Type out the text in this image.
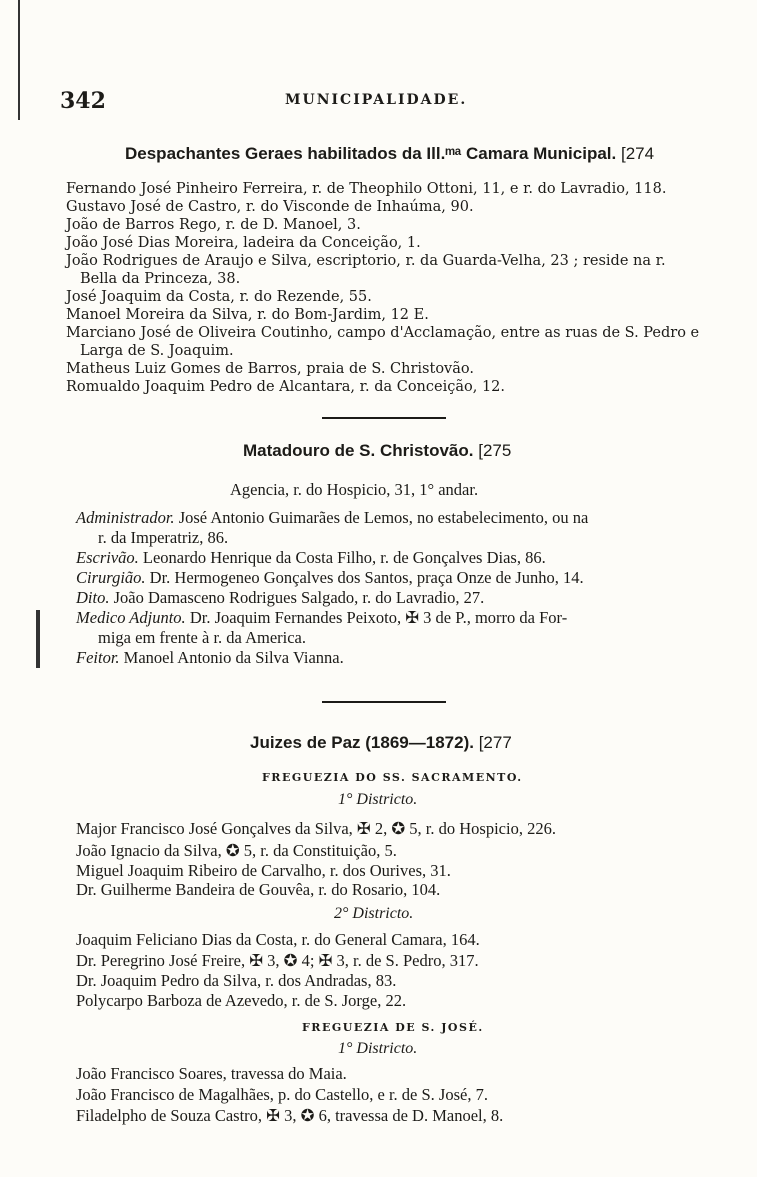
342	MUNICIPALIDADE.
Despachantes Geraes habilitados da Ill.ᵐᵃ Camara Municipal. [274
Fernando José Pinheiro Ferreira, r. de Theophilo Ottoni, 11, e r. do Lavradio, 118.
Gustavo José de Castro, r. do Visconde de Inhaúma, 90.
João de Barros Rego, r. de D. Manoel, 3.
João José Dias Moreira, ladeira da Conceição, 1.
João Rodrigues de Araujo e Silva, escriptorio, r. da Guarda-Velha, 23 ; reside na r.
Bella da Princeza, 38.
José Joaquim da Costa, r. do Rezende, 55.
Manoel Moreira da Silva, r. do Bom-Jardim, 12 E.
Marciano José de Oliveira Coutinho, campo d'Acclamação, entre as ruas de S. Pedro e
Larga de S. Joaquim.
Matheus Luiz Gomes de Barros, praia de S. Christovão.
Romualdo Joaquim Pedro de Alcantara, r. da Conceição, 12.
Matadouro de S. Christovão. [275
Agencia, r. do Hospicio, 31, 1° andar.
Administrador. José Antonio Guimarães de Lemos, no estabelecimento, ou na
r. da Imperatriz, 86.
Escrivão. Leonardo Henrique da Costa Filho, r. de Gonçalves Dias, 86.
Cirurgião. Dr. Hermogeneo Gonçalves dos Santos, praça Onze de Junho, 14.
Dito. João Damasceno Rodrigues Salgado, r. do Lavradio, 27.
Medico Adjunto. Dr. Joaquim Fernandes Peixoto, ✠ 3 de P., morro da For-
miga em frente à r. da America.
Feitor. Manoel Antonio da Silva Vianna.
Juizes de Paz (1869—1872). [277
FREGUEZIA DO SS. SACRAMENTO.
1° Districto.
Major Francisco José Gonçalves da Silva, ✠ 2, ✪ 5, r. do Hospicio, 226.
João Ignacio da Silva, ✪ 5, r. da Constituição, 5.
Miguel Joaquim Ribeiro de Carvalho, r. dos Ourives, 31.
Dr. Guilherme Bandeira de Gouvêa, r. do Rosario, 104.
2° Districto.
Joaquim Feliciano Dias da Costa, r. do General Camara, 164.
Dr. Peregrino José Freire, ✠ 3, ✪ 4; ✠ 3, r. de S. Pedro, 317.
Dr. Joaquim Pedro da Silva, r. dos Andradas, 83.
Polycarpo Barboza de Azevedo, r. de S. Jorge, 22.
FREGUEZIA DE S. JOSÉ.
1° Districto.
João Francisco Soares, travessa do Maia.
João Francisco de Magalhães, p. do Castello, e r. de S. José, 7.
Filadelpho de Souza Castro, ✠ 3, ✪ 6, travessa de D. Manoel, 8.
